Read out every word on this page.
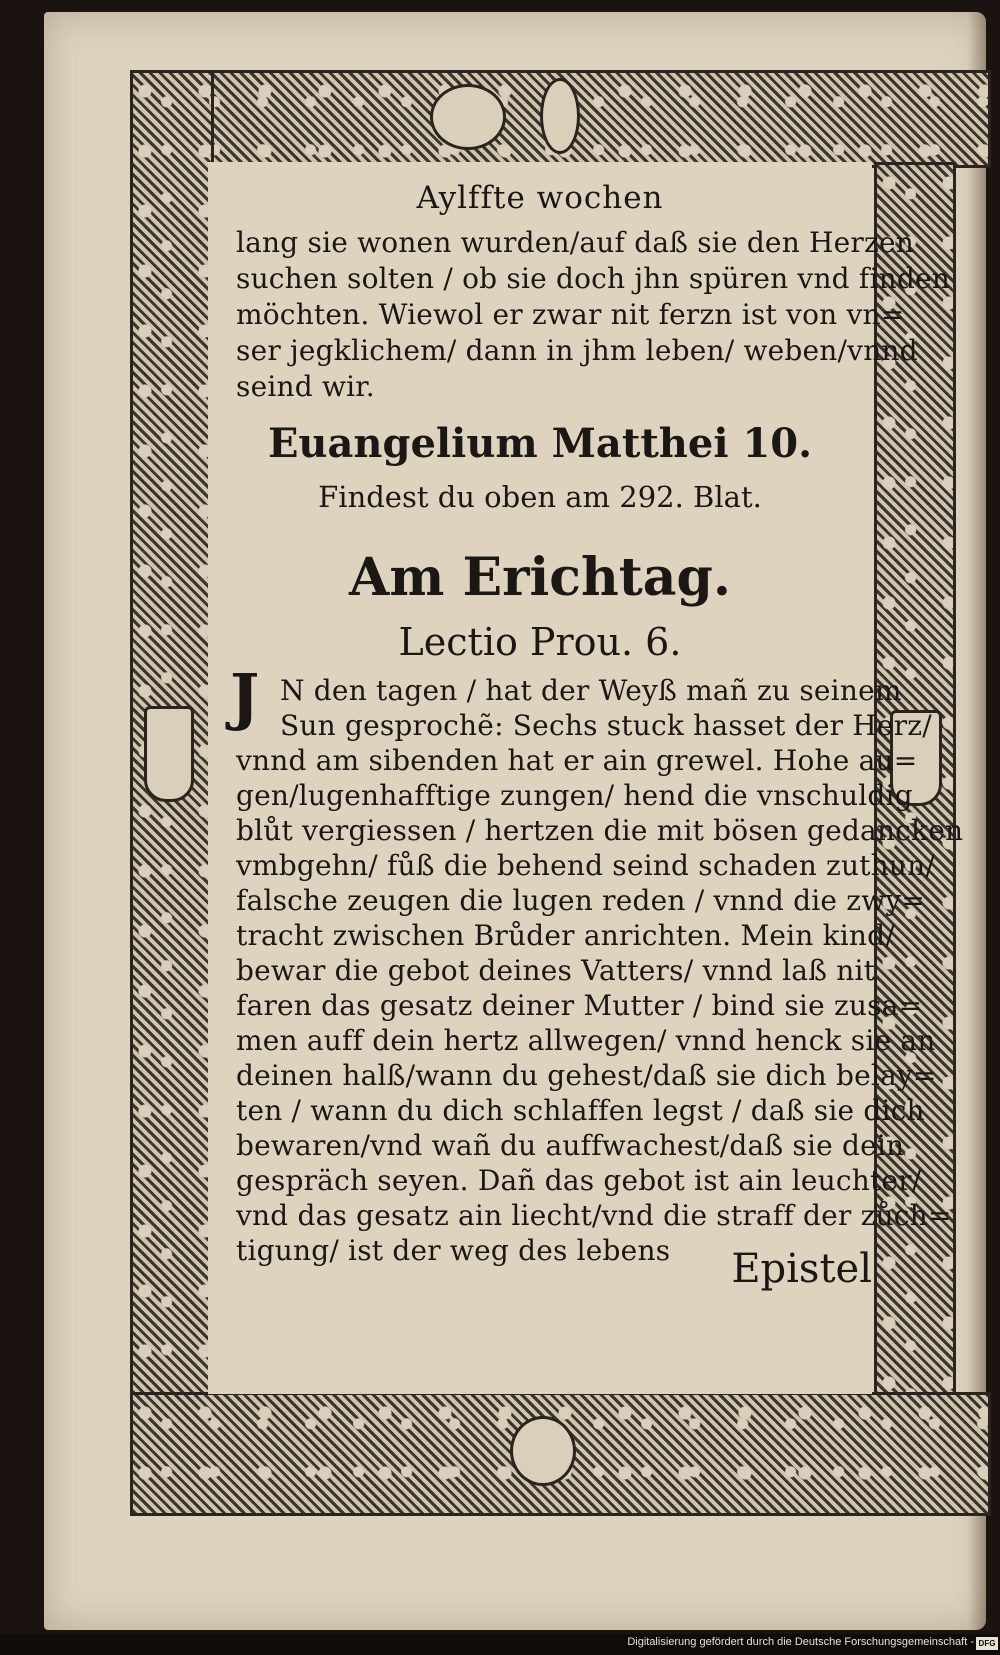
Aylffte wochen
lang sie wonen wurden/auf daß sie den Herzen
suchen solten / ob sie doch jhn spüren vnd finden
möchten. Wiewol er zwar nit ferzn ist von vn=
ser jegklichem/ dann in jhm leben/ weben/vnnd
seind wir.
Euangelium Matthei 10.
Findest du oben am 292. Blat.
Am Erichtag.
Lectio Prou. 6.
J N den tagen / hat der Weyß mañ zu seinem
Sun gesprochẽ: Sechs stuck hasset der Herz/
vnnd am sibenden hat er ain grewel. Hohe au=
gen/lugenhafftige zungen/ hend die vnschuldig
blůt vergiessen / hertzen die mit bösen gedancken
vmbgehn/ fůß die behend seind schaden zuthun/
falsche zeugen die lugen reden / vnnd die zwy=
tracht zwischen Brůder anrichten. Mein kind/
bewar die gebot deines Vatters/ vnnd laß nit
faren das gesatz deiner Mutter / bind sie zusa=
men auff dein hertz allwegen/ vnnd henck sie an
deinen halß/wann du gehest/daß sie dich belay=
ten / wann du dich schlaffen legst / daß sie dich
bewaren/vnd wañ du auffwachest/daß sie dein
gespräch seyen. Dañ das gebot ist ain leuchter/
vnd das gesatz ain liecht/vnd die straff der zůch=
tigung/ ist der weg des lebens Epistel
Digitalisierung gefördert durch die Deutsche Forschungsgemeinschaft - DFG
